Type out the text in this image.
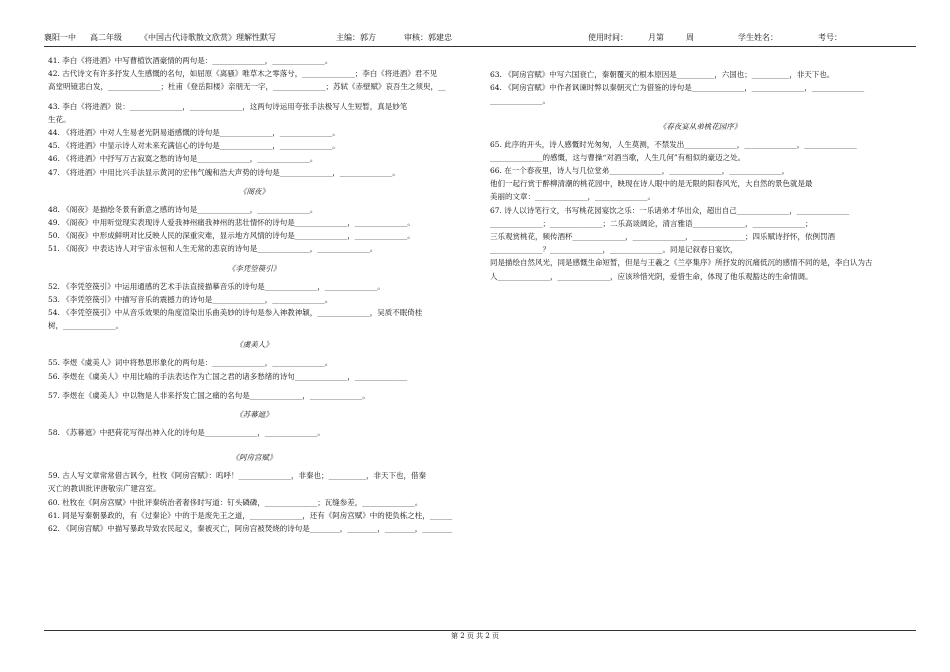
襄阳一中 高二年级 《中国古代诗歌散文欣赏》理解性默写	主编：郭方	审核：郭建忠	使用时间：	月第	周	学生姓名：	考号：
41. 李白《将进酒》中写曹植饮酒豪情的两句是：______________，______________。
42. 古代诗文有许多抒发人生感慨的名句，如屈原《离骚》唯草木之零落兮，______________；李白《将进酒》君不见
高堂明镜悲白发，______________；杜甫《登岳阳楼》亲朋无一字，______________；苏轼《赤壁赋》哀吾生之须臾，__
43. 李白《将进酒》说：______________，______________，这两句诗运用夸张手法极写人生短暂，真是妙笔
生花。
44. 《将进酒》中对人生易老光阴易逝感慨的诗句是______________，______________。
45. 《将进酒》中显示诗人对未来充满信心的诗句是______________，______________。
46. 《将进酒》中抒写万古寂寞之愁的诗句是______________，______________。
47. 《将进酒》中用比兴手法显示黄河的宏伟气魄和浩大声势的诗句是______________，______________。
《阁夜》
48. 《阁夜》是描绘冬景有新意之感的诗句是______________，______________。
49. 《阁夜》中用听觉现实表现诗人爱我神州痛我神州的悲壮情怀的诗句是______________，______________。
50. 《阁夜》中形成鲜明对比反映人民的深重灾难，显示地方风情的诗句是______________，______________。
51. 《阁夜》中表达诗人对宇宙永恒和人生无常的悲哀的诗句是______________，______________。
《李凭箜篌引》
52. 《李凭箜篌引》中运用通感的艺术手法直接描摹音乐的诗句是______________，______________。
53. 《李凭箜篌引》中描写音乐的震撼力的诗句是______________，______________。
54. 《李凭箜篌引》中从音乐效果的角度渲染出乐曲美妙的诗句是参入神教神颖，______________，吴质不眠倚桂
树，______________。
《虞美人》
55. 李煜《虞美人》词中将愁思形象化的两句是：______________，______________。
56. 李煜在《虞美人》中用比喻的手法表达作为亡国之君的诸多愁绪的诗句______________，______________
57. 李煜在《虞美人》中以物是人非来抒发亡国之痛的名句是______________，______________。
《苏幕遮》
58. 《苏幕遮》中把荷花写得出神入化的诗句是______________，______________。
《阿房宫赋》
59. 古人写文章常常借古讽今，杜牧《阿房宫赋》：呜呼！______________，非秦也；__________，非天下也，借秦
灭亡的教训批评唐敬宗广建宫室。
60. 杜牧在《阿房宫赋》中批评秦统治者奢侈时写道：钉头磷磷，______________；瓦缝参差，______________。
61. 同是写秦朝暴政的，有《过秦论》中的于是废先王之道，______________，还有《阿房宫赋》中的使负栋之柱，______
62. 《阿房宫赋》中描写暴政导致农民起义，秦被灭亡，阿房宫被焚烧的诗句是________，________，________，________
63. 《阿房宫赋》中写六国衰亡，秦朝覆灭的根本原因是__________，六国也；__________，非天下也。
64. 《阿房宫赋》中作者讽谏时弊以秦朝灭亡为借鉴的诗句是______________，______________，______________
______________。
《春夜宴从弟桃花园序》
65. 此序的开头，诗人感慨时光匆匆，人生莫测，不禁发出______________，______________，______________
______________的感慨，这与曹操“对酒当歌，人生几何”有相似的豪迈之处。
66. 在一个春夜里，诗人与几位堂弟______________，______________，______________，
他们一起行赏于醉柳清潮的桃花园中，映现在诗人眼中的是无限的阳春风光，大自然的景色就是最
美丽的文章：______________，______________。
67. 诗人以诗笔行文，书写桃花园宴饮之乐：一乐诸弟才华出众，超出自己______________，______________
______________；______________；二乐高谈阔论，清言雅语______________，______________；
三乐观赏桃花，频传酒杯______________，______________，______________；四乐赋诗抒怀，依例罚酒
______________？______________，______________。同是记叙春日宴饮，
同是描绘自然风光，同是感慨生命短暂，但是与王羲之《兰亭集序》所抒发的沉痛低沉的感情不同的是，李白认为古
人______________，______________，应该珍惜光阴，爱惜生命，体现了他乐观豁达的生命情调。
第 2 页 共 2 页
